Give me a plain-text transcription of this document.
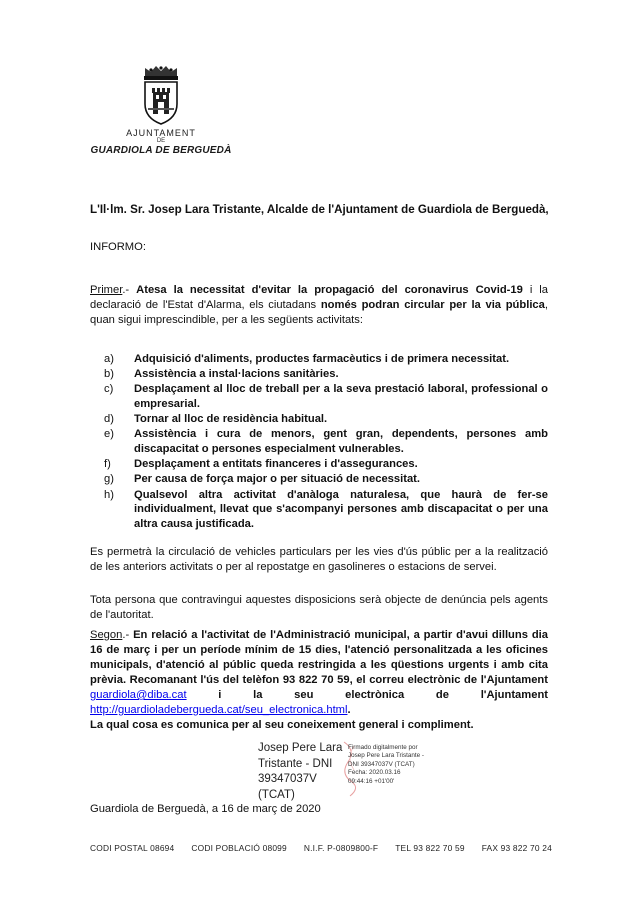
AJUNTAMENT
DE
GUARDIOLA DE BERGUEDÀ

L'Il·lm. Sr. Josep Lara Tristante, Alcalde de l'Ajuntament de Guardiola de Berguedà,

INFORMO:

Primer.- Atesa la necessitat d'evitar la propagació del coronavirus Covid-19 i la declaració de l'Estat d'Alarma, els ciutadans només podran circular per la via pública, quan sigui imprescindible, per a les següents activitats:

a)	Adquisició d'aliments, productes farmacèutics i de primera necessitat.
b)	Assistència a instal·lacions sanitàries.
c)	Desplaçament al lloc de treball per a la seva prestació laboral, professional o empresarial.
d)	Tornar al lloc de residència habitual.
e)	Assistència i cura de menors, gent gran, dependents, persones amb discapacitat o persones especialment vulnerables.
f)	Desplaçament a entitats financeres i d'assegurances.
g)	Per causa de força major o per situació de necessitat.
h)	Qualsevol altra activitat d'anàloga naturalesa, que haurà de fer-se individualment, llevat que s'acompanyi persones amb discapacitat o per una altra causa justificada.

Es permetrà la circulació de vehicles particulars per les vies d'ús públic per a la realització de les anteriors activitats o per al repostatge en gasolineres o estacions de servei.

Tota persona que contravingui aquestes disposicions serà objecte de denúncia pels agents de l'autoritat.

Segon.- En relació a l'activitat de l'Administració municipal, a partir d'avui dilluns dia 16 de març i per un període mínim de 15 dies, l'atenció personalitzada a les oficines municipals, d'atenció al públic queda restringida a les qüestions urgents i amb cita prèvia. Recomanant l'ús del telèfon 93 822 70 59, el correu electrònic de l'Ajuntament guardiola@diba.cat i la seu electrònica de l'Ajuntament http://guardioladebergueda.cat/seu_electronica.html.

La qual cosa es comunica per al seu coneixement general i compliment.

Josep Pere Lara
Tristante - DNI
39347037V
(TCAT)
Firmado digitalmente por
Josep Pere Lara Tristante -
DNI 39347037V (TCAT)
Fecha: 2020.03.16
09:44:16 +01'00'

Guardiola de Berguedà, a 16 de març de 2020

CODI POSTAL 08694 CODI POBLACIÓ 08099 N.I.F. P-0809800-F TEL 93 822 70 59 FAX 93 822 70 24
